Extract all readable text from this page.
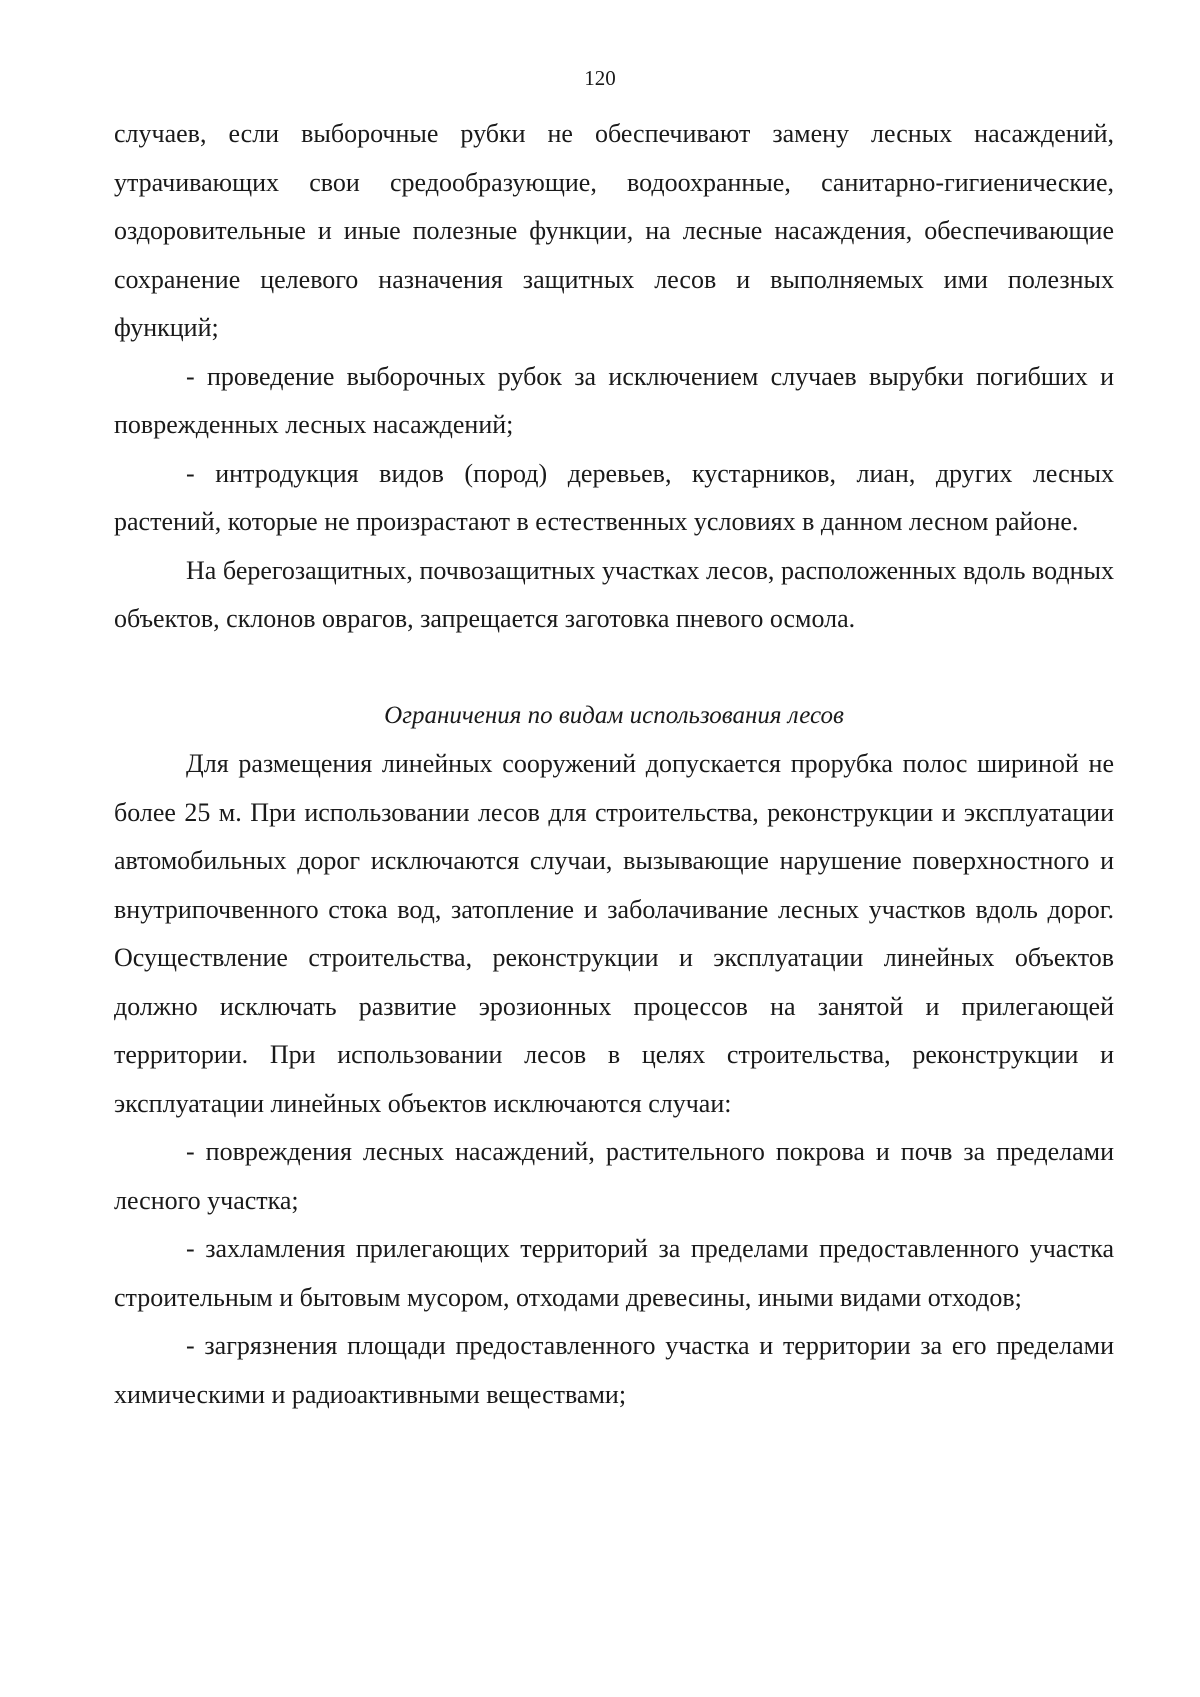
120

случаев, если выборочные рубки не обеспечивают замену лесных насаждений, утрачивающих свои средообразующие, водоохранные, санитарно-гигиенические, оздоровительные и иные полезные функции, на лесные насаждения, обеспечивающие сохранение целевого назначения защитных лесов и выполняемых ими полезных функций;

- проведение выборочных рубок за исключением случаев вырубки погибших и поврежденных лесных насаждений;

- интродукция видов (пород) деревьев, кустарников, лиан, других лесных растений, которые не произрастают в естественных условиях в данном лесном районе.

На берегозащитных, почвозащитных участках лесов, расположенных вдоль водных объектов, склонов оврагов, запрещается заготовка пневого осмола.

Ограничения по видам использования лесов

Для размещения линейных сооружений допускается прорубка полос шириной не более 25 м. При использовании лесов для строительства, реконструкции и эксплуатации автомобильных дорог исключаются случаи, вызывающие нарушение поверхностного и внутрипочвенного стока вод, затопление и заболачивание лесных участков вдоль дорог. Осуществление строительства, реконструкции и эксплуатации линейных объектов должно исключать развитие эрозионных процессов на занятой и прилегающей территории. При использовании лесов в целях строительства, реконструкции и эксплуатации линейных объектов исключаются случаи:

- повреждения лесных насаждений, растительного покрова и почв за пределами лесного участка;

- захламления прилегающих территорий за пределами предоставленного участка строительным и бытовым мусором, отходами древесины, иными видами отходов;

- загрязнения площади предоставленного участка и территории за его пределами химическими и радиоактивными веществами;
